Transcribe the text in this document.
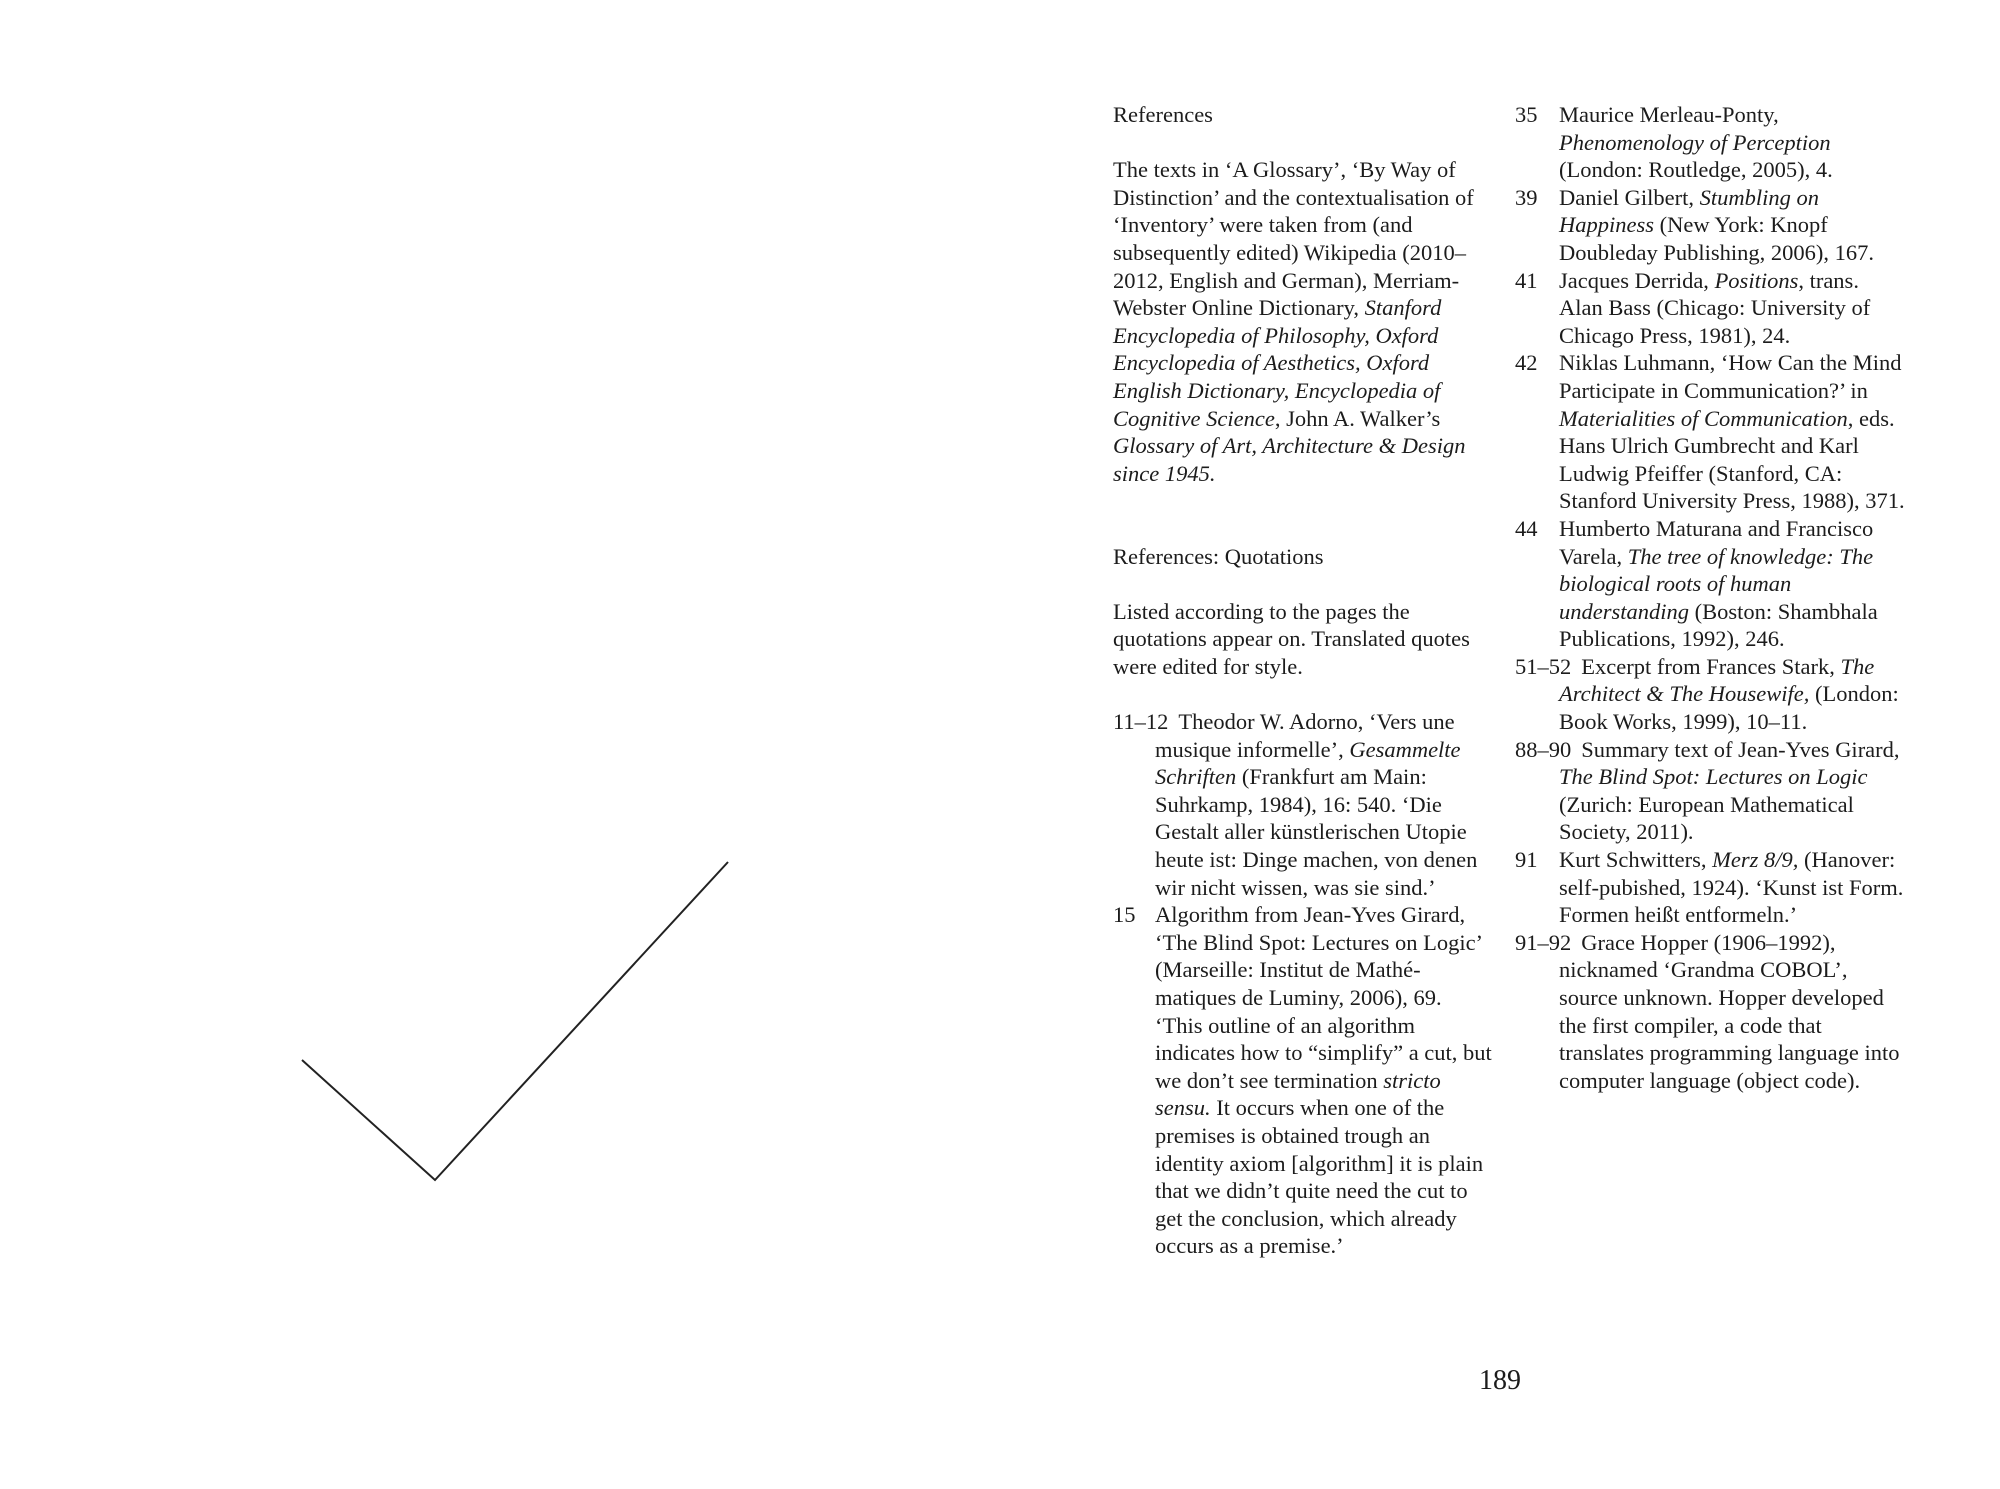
References

The texts in ‘A Glossary’, ‘By Way of Distinction’ and the contextualisation of ‘Inventory’ were taken from (and subsequently edited) Wikipedia (2010–2012, English and German), Merriam-Webster Online Dictionary, Stanford Encyclopedia of Philosophy, Oxford Encyclopedia of Aesthetics, Oxford English Dictionary, Encyclopedia of Cognitive Science, John A. Walker’s Glossary of Art, Architecture & Design since 1945.

References: Quotations

Listed according to the pages the quotations appear on. Translated quotes were edited for style.

11–12 Theodor W. Adorno, ‘Vers une musique informelle’, Gesammelte Schriften (Frankfurt am Main: Suhrkamp, 1984), 16: 540. ‘Die Gestalt aller künstlerischen Utopie heute ist: Dinge machen, von denen wir nicht wissen, was sie sind.’
15 Algorithm from Jean-Yves Girard, ‘The Blind Spot: Lectures on Logic’ (Marseille: Institut de Mathématiques de Luminy, 2006), 69. ‘This outline of an algorithm indicates how to “simplify” a cut, but we don’t see termination stricto sensu. It occurs when one of the premises is obtained trough an identity axiom [algorithm] it is plain that we didn’t quite need the cut to get the conclusion, which already occurs as a premise.’
35 Maurice Merleau-Ponty, Phenomenology of Perception (London: Routledge, 2005), 4.
39 Daniel Gilbert, Stumbling on Happiness (New York: Knopf Doubleday Publishing, 2006), 167.
41 Jacques Derrida, Positions, trans. Alan Bass (Chicago: University of Chicago Press, 1981), 24.
42 Niklas Luhmann, ‘How Can the Mind Participate in Communication?’ in Materialities of Communication, eds. Hans Ulrich Gumbrecht and Karl Ludwig Pfeiffer (Stanford, CA: Stanford University Press, 1988), 371.
44 Humberto Maturana and Francisco Varela, The tree of knowledge: The biological roots of human understanding (Boston: Shambhala Publications, 1992), 246.
51–52 Excerpt from Frances Stark, The Architect & The Housewife, (London: Book Works, 1999), 10–11.
88–90 Summary text of Jean-Yves Girard, The Blind Spot: Lectures on Logic (Zurich: European Mathematical Society, 2011).
91 Kurt Schwitters, Merz 8/9, (Hanover: self-pubished, 1924). ‘Kunst ist Form. Formen heißt entformeln.’
91–92 Grace Hopper (1906–1992), nicknamed ‘Grandma COBOL’, source unknown. Hopper developed the first compiler, a code that translates programming language into computer language (object code).
189
